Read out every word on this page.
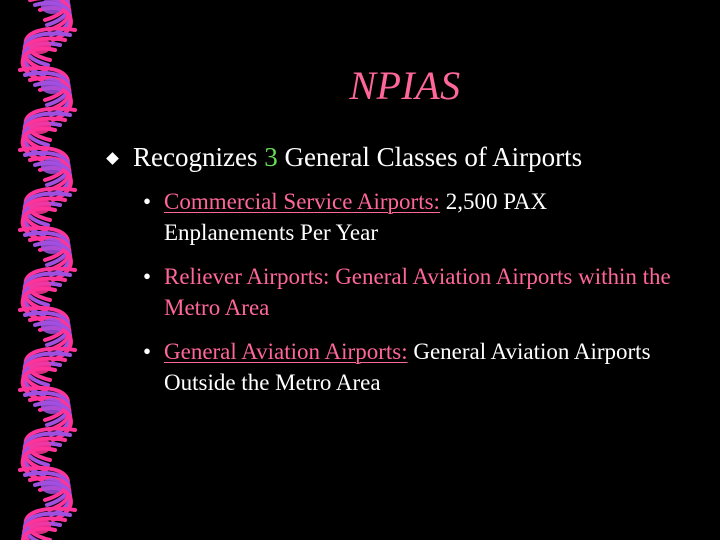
NPIAS
Recognizes 3 General Classes of Airports
• Commercial Service Airports: 2,500 PAX Enplanements Per Year
• Reliever Airports: General Aviation Airports within the Metro Area
• General Aviation Airports: General Aviation Airports Outside the Metro Area
